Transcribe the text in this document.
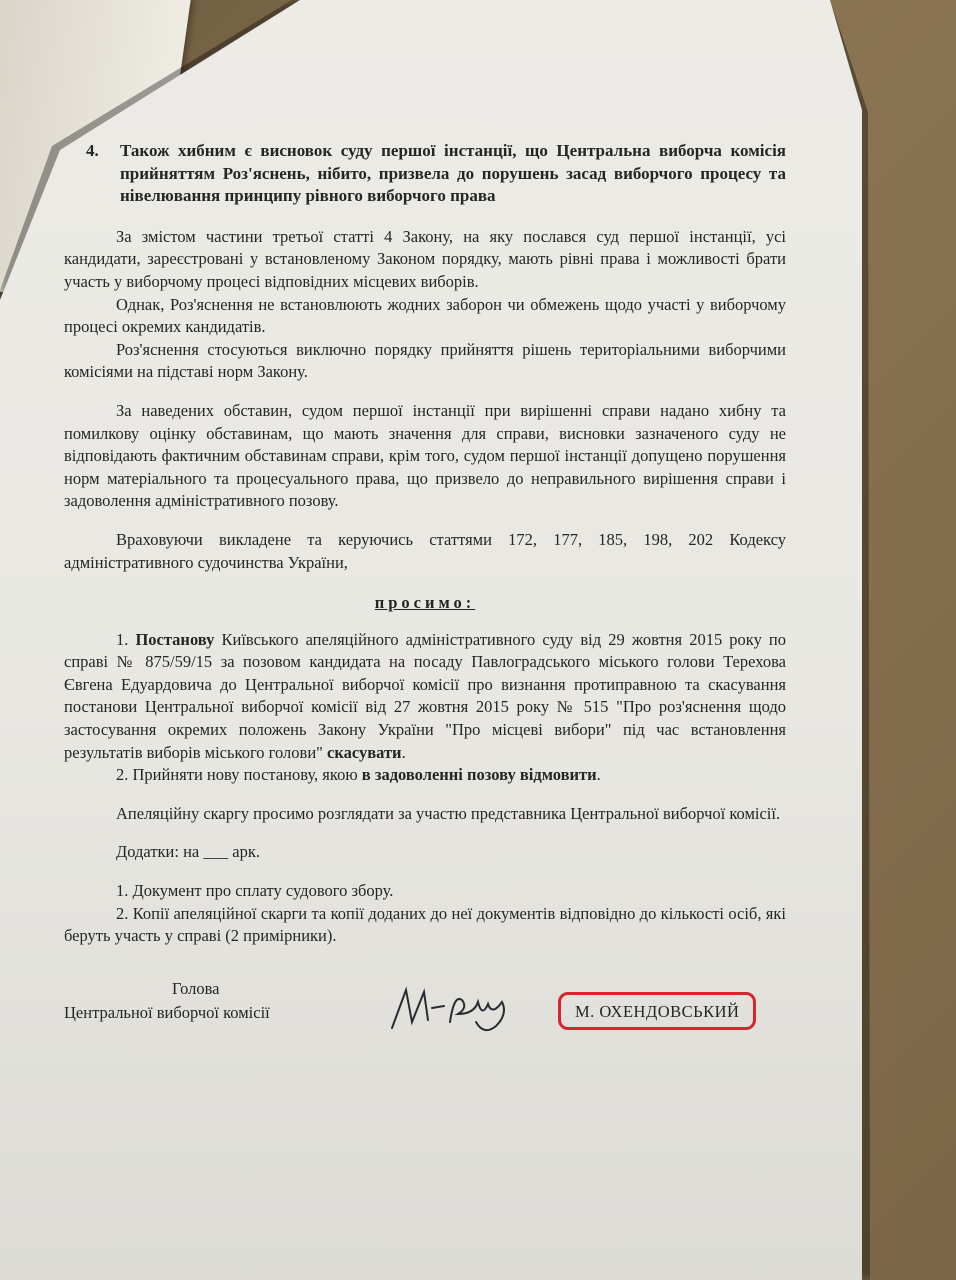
4. Також хибним є висновок суду першої інстанції, що Центральна виборча комісія прийняттям Роз'яснень, нібито, призвела до порушень засад виборчого процесу та нівелювання принципу рівного виборчого права

За змістом частини третьої статті 4 Закону, на яку послався суд першої інстанції, усі кандидати, зареєстровані у встановленому Законом порядку, мають рівні права і можливості брати участь у виборчому процесі відповідних місцевих виборів.

Однак, Роз'яснення не встановлюють жодних заборон чи обмежень щодо участі у виборчому процесі окремих кандидатів.

Роз'яснення стосуються виключно порядку прийняття рішень територіальними виборчими комісіями на підставі норм Закону.

За наведених обставин, судом першої інстанції при вирішенні справи надано хибну та помилкову оцінку обставинам, що мають значення для справи, висновки зазначеного суду не відповідають фактичним обставинам справи, крім того, судом першої інстанції допущено порушення норм матеріального та процесуального права, що призвело до неправильного вирішення справи і задоволення адміністративного позову.

Враховуючи викладене та керуючись статтями 172, 177, 185, 198, 202 Кодексу адміністративного судочинства України,

просимо:

1. Постанову Київського апеляційного адміністративного суду від 29 жовтня 2015 року по справі № 875/59/15 за позовом кандидата на посаду Павлоградського міського голови Терехова Євгена Едуардовича до Центральної виборчої комісії про визнання протиправною та скасування постанови Центральної виборчої комісії від 27 жовтня 2015 року № 515 "Про роз'яснення щодо застосування окремих положень Закону України "Про місцеві вибори" під час встановлення результатів виборів міського голови" скасувати.

2. Прийняти нову постанову, якою в задоволенні позову відмовити.

Апеляційну скаргу просимо розглядати за участю представника Центральної виборчої комісії.

Додатки: на ___ арк.

1. Документ про сплату судового збору.

2. Копії апеляційної скарги та копії доданих до неї документів відповідно до кількості осіб, які беруть участь у справі (2 примірники).

Голова
Центральної виборчої комісії	М. ОХЕНДОВСЬКИЙ
